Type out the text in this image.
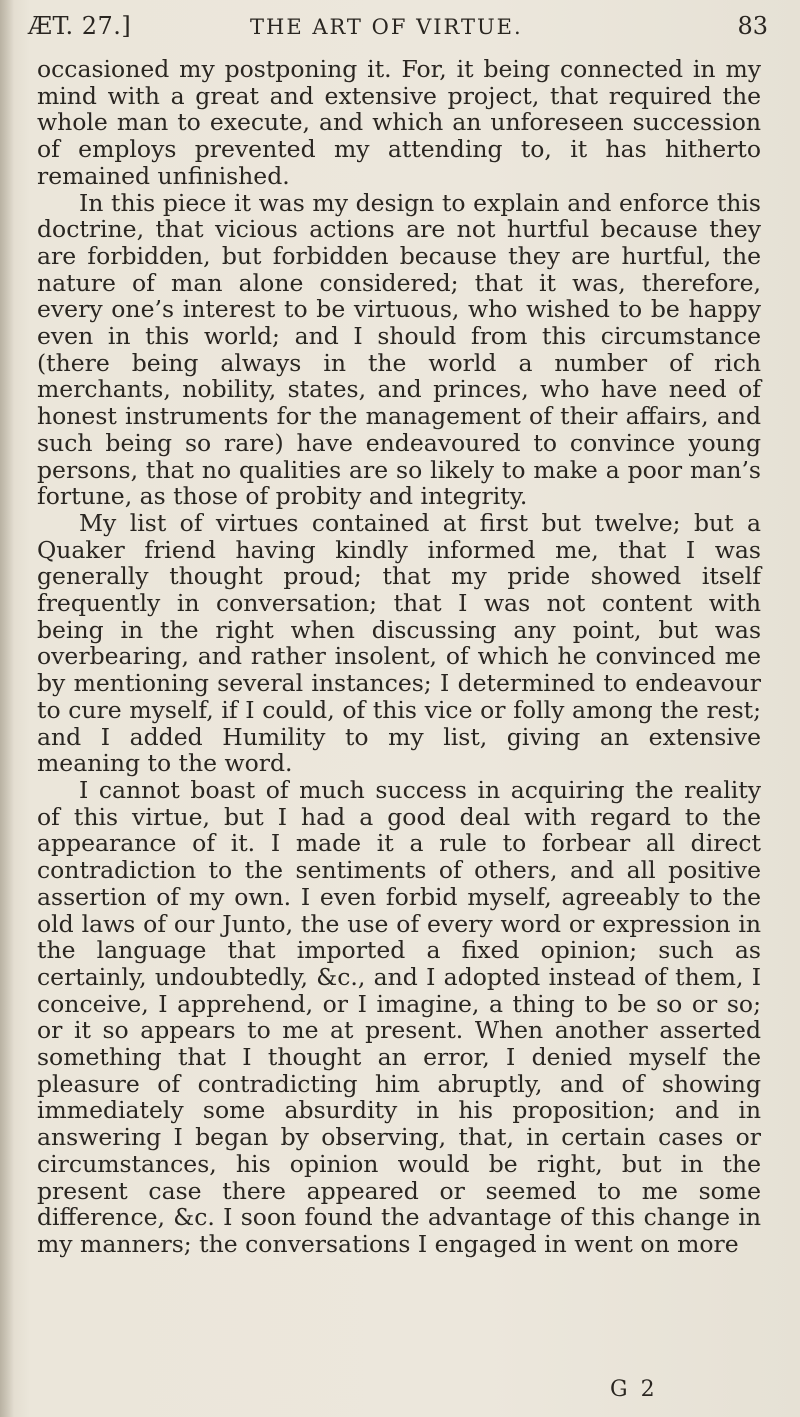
ÆT. 27.]	THE ART OF VIRTUE.	83

occasioned my postponing it. For, it being connected in my mind with a great and extensive project, that required the whole man to execute, and which an unforeseen succession of employs prevented my attending to, it has hitherto remained unfinished.

In this piece it was my design to explain and enforce this doctrine, that vicious actions are not hurtful because they are forbidden, but forbidden because they are hurtful, the nature of man alone considered; that it was, therefore, every one’s interest to be virtuous, who wished to be happy even in this world; and I should from this circumstance (there being always in the world a number of rich merchants, nobility, states, and princes, who have need of honest instruments for the management of their affairs, and such being so rare) have endeavoured to convince young persons, that no qualities are so likely to make a poor man’s fortune, as those of probity and integrity.

My list of virtues contained at first but twelve; but a Quaker friend having kindly informed me, that I was generally thought proud; that my pride showed itself frequently in conversation; that I was not content with being in the right when discussing any point, but was overbearing, and rather insolent, of which he convinced me by mentioning several instances; I determined to endeavour to cure myself, if I could, of this vice or folly among the rest; and I added Humility to my list, giving an extensive meaning to the word.

I cannot boast of much success in acquiring the reality of this virtue, but I had a good deal with regard to the appearance of it. I made it a rule to forbear all direct contradiction to the sentiments of others, and all positive assertion of my own. I even forbid myself, agreeably to the old laws of our Junto, the use of every word or expression in the language that imported a fixed opinion; such as certainly, undoubtedly, &c., and I adopted instead of them, I conceive, I apprehend, or I imagine, a thing to be so or so; or it so appears to me at present. When another asserted something that I thought an error, I denied myself the pleasure of contradicting him abruptly, and of showing immediately some absurdity in his proposition; and in answering I began by observing, that, in certain cases or circumstances, his opinion would be right, but in the present case there appeared or seemed to me some difference, &c. I soon found the advantage of this change in my manners; the conversations I engaged in went on more

G 2
